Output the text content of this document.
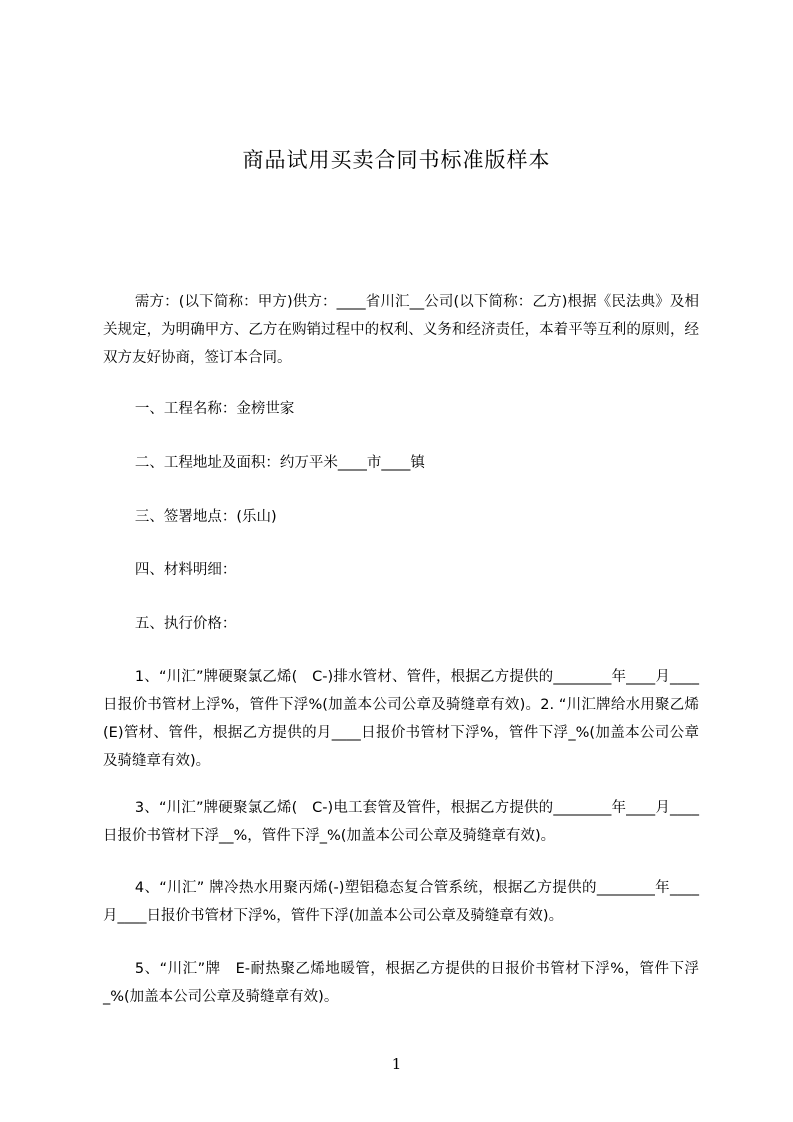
商品试用买卖合同书标准版样本

需方：(以下简称：甲方)供方：____省川汇__公司(以下简称：乙方)根据《民法典》及相关规定，为明确甲方、乙方在购销过程中的权利、义务和经济责任，本着平等互利的原则，经双方友好协商，签订本合同。

一、工程名称：金榜世家
二、工程地址及面积：约万平米____市____镇
三、签署地点：(乐山)
四、材料明细：
五、执行价格：

1、“川汇”牌硬聚氯乙烯(　C-)排水管材、管件，根据乙方提供的________年____月____日报价书管材上浮%，管件下浮%(加盖本公司公章及骑缝章有效)。2. “川汇牌给水用聚乙烯(E)管材、管件，根据乙方提供的月____日报价书管材下浮%，管件下浮_%(加盖本公司公章及骑缝章有效)。

3、“川汇”牌硬聚氯乙烯(　C-)电工套管及管件，根据乙方提供的________年____月____日报价书管材下浮__%，管件下浮_%(加盖本公司公章及骑缝章有效)。

4、“川汇” 牌冷热水用聚丙烯(-)塑铝稳态复合管系统，根据乙方提供的________年____月____日报价书管材下浮%，管件下浮(加盖本公司公章及骑缝章有效)。

5、“川汇”牌　E-耐热聚乙烯地暖管，根据乙方提供的日报价书管材下浮%，管件下浮_%(加盖本公司公章及骑缝章有效)。

1
